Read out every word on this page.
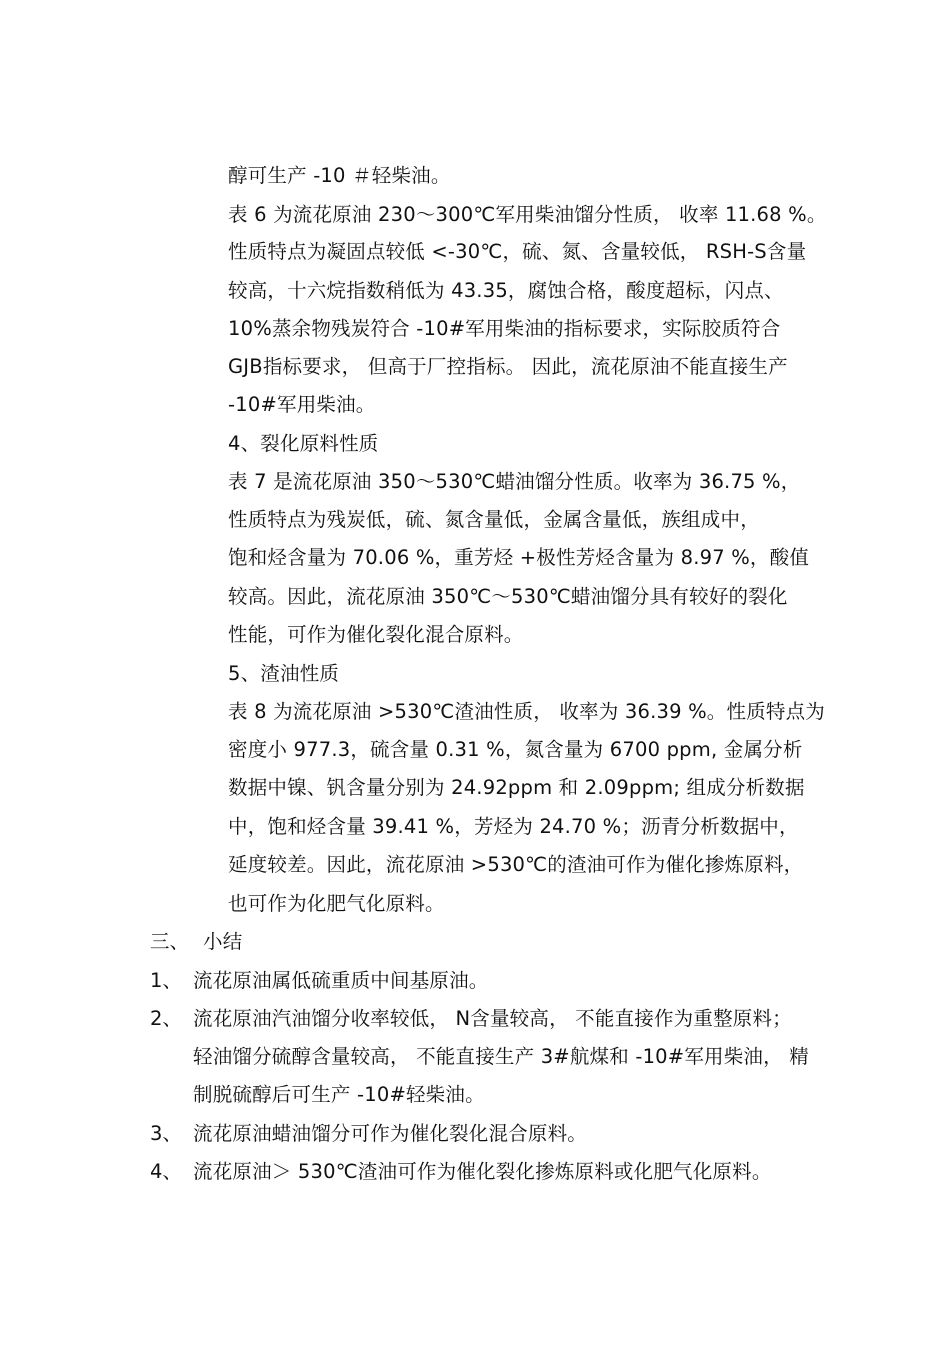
醇可生产 -10 ＃轻柴油。
表 6 为流花原油 230～300℃军用柴油馏分性质， 收率 11.68 %。
性质特点为凝固点较低 <-30℃，硫、氮、含量较低， RSH-S含量
较高，十六烷指数稍低为 43.35，腐蚀合格，酸度超标，闪点、
10%蒸余物残炭符合 -10#军用柴油的指标要求，实际胶质符合
GJB指标要求， 但高于厂控指标。 因此，流花原油不能直接生产
-10#军用柴油。
4、裂化原料性质
表 7 是流花原油 350～530℃蜡油馏分性质。收率为 36.75 %，
性质特点为残炭低，硫、氮含量低，金属含量低，族组成中，
饱和烃含量为 70.06 %，重芳烃 +极性芳烃含量为 8.97 %，酸值
较高。因此，流花原油 350℃～530℃蜡油馏分具有较好的裂化
性能，可作为催化裂化混合原料。
5、渣油性质
表 8 为流花原油 >530℃渣油性质， 收率为 36.39 %。性质特点为
密度小 977.3，硫含量 0.31 %，氮含量为 6700 ppm, 金属分析
数据中镍、钒含量分别为 24.92ppm 和 2.09ppm; 组成分析数据
中，饱和烃含量 39.41 %，芳烃为 24.70 %；沥青分析数据中，
延度较差。因此，流花原油 >530℃的渣油可作为催化掺炼原料，
也可作为化肥气化原料。
三、 小结
1、 流花原油属低硫重质中间基原油。
2、 流花原油汽油馏分收率较低， N含量较高， 不能直接作为重整原料；
轻油馏分硫醇含量较高， 不能直接生产 3#航煤和 -10#军用柴油， 精
制脱硫醇后可生产 -10#轻柴油。
3、 流花原油蜡油馏分可作为催化裂化混合原料。
4、 流花原油＞ 530℃渣油可作为催化裂化掺炼原料或化肥气化原料。
